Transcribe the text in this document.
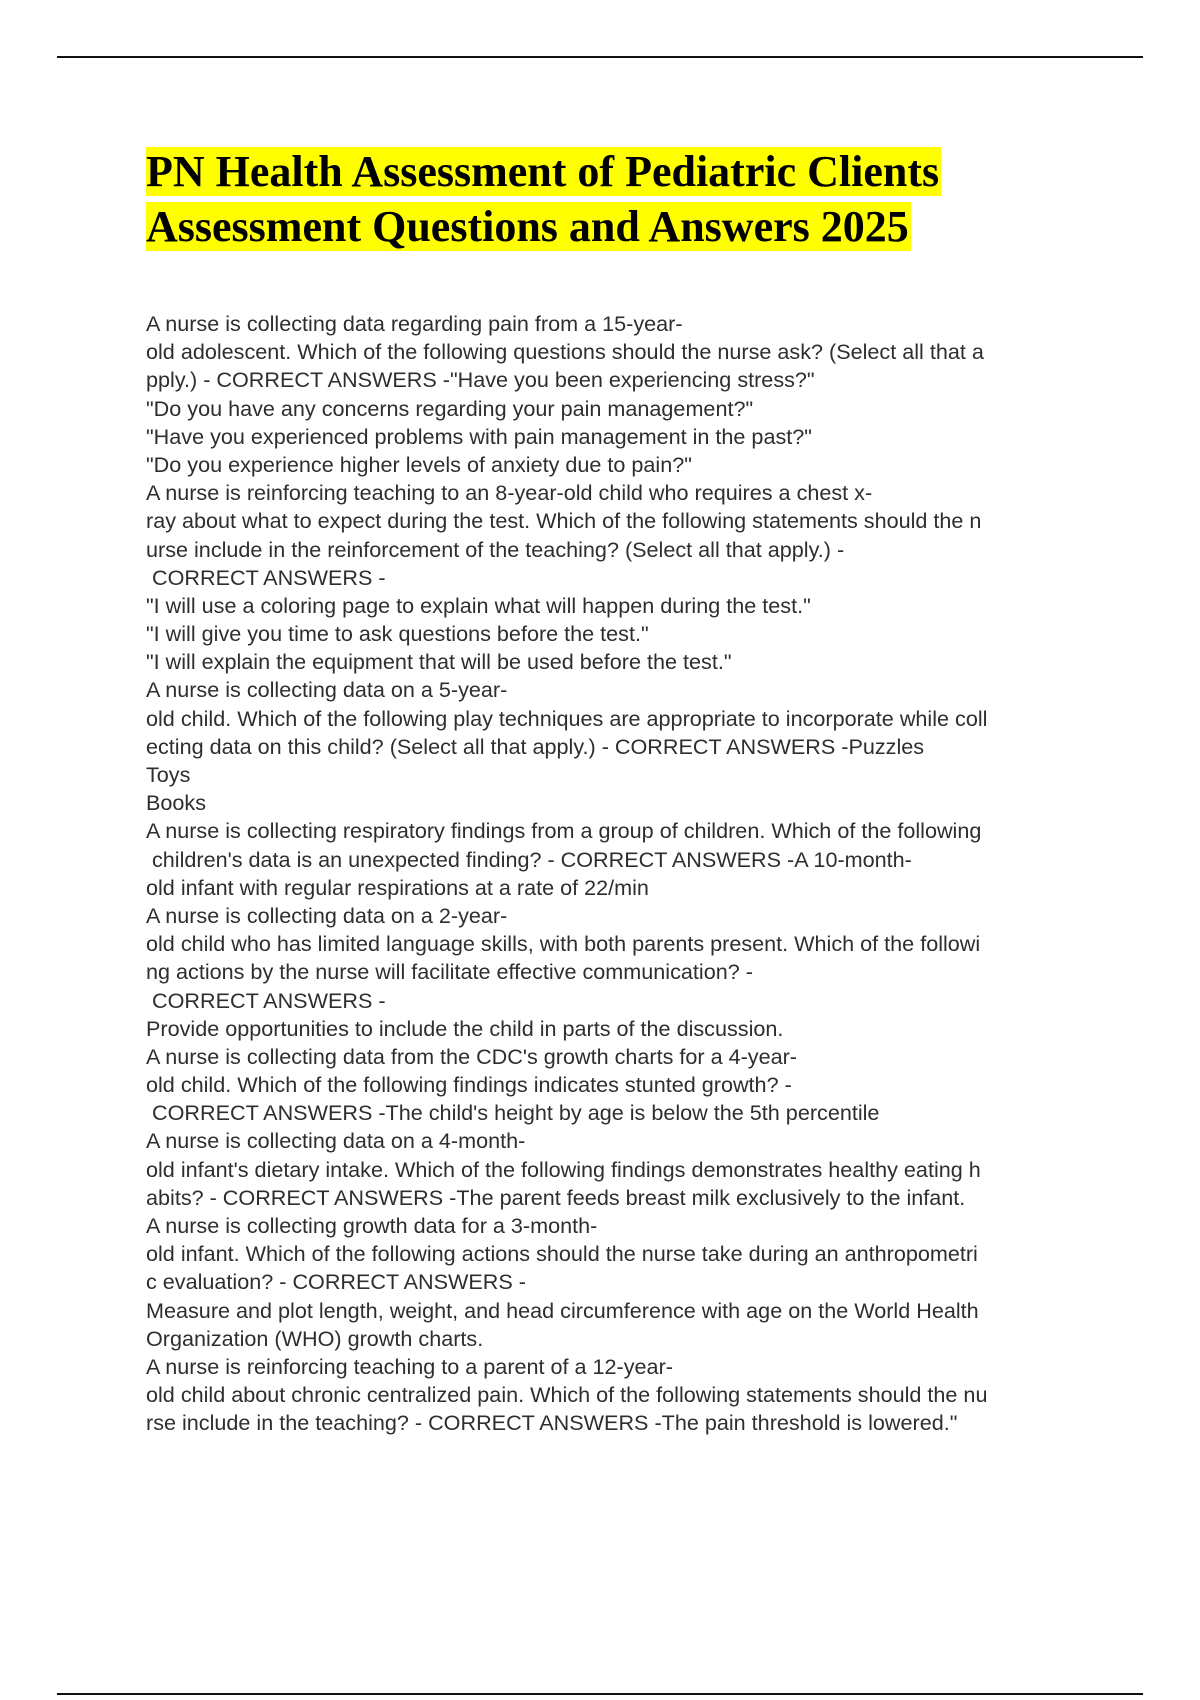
PN Health Assessment of Pediatric Clients
Assessment Questions and Answers 2025
A nurse is collecting data regarding pain from a 15-year-
old adolescent. Which of the following questions should the nurse ask? (Select all that a
pply.) - CORRECT ANSWERS -"Have you been experiencing stress?"
"Do you have any concerns regarding your pain management?"
"Have you experienced problems with pain management in the past?"
"Do you experience higher levels of anxiety due to pain?"
A nurse is reinforcing teaching to an 8-year-old child who requires a chest x-
ray about what to expect during the test. Which of the following statements should the n
urse include in the reinforcement of the teaching? (Select all that apply.) -
CORRECT ANSWERS -
"I will use a coloring page to explain what will happen during the test."
"I will give you time to ask questions before the test."
"I will explain the equipment that will be used before the test."
A nurse is collecting data on a 5-year-
old child. Which of the following play techniques are appropriate to incorporate while coll
ecting data on this child? (Select all that apply.) - CORRECT ANSWERS -Puzzles
Toys
Books
A nurse is collecting respiratory findings from a group of children. Which of the following
children's data is an unexpected finding? - CORRECT ANSWERS -A 10-month-
old infant with regular respirations at a rate of 22/min
A nurse is collecting data on a 2-year-
old child who has limited language skills, with both parents present. Which of the followi
ng actions by the nurse will facilitate effective communication? -
CORRECT ANSWERS -
Provide opportunities to include the child in parts of the discussion.
A nurse is collecting data from the CDC's growth charts for a 4-year-
old child. Which of the following findings indicates stunted growth? -
CORRECT ANSWERS -The child's height by age is below the 5th percentile
A nurse is collecting data on a 4-month-
old infant's dietary intake. Which of the following findings demonstrates healthy eating h
abits? - CORRECT ANSWERS -The parent feeds breast milk exclusively to the infant.
A nurse is collecting growth data for a 3-month-
old infant. Which of the following actions should the nurse take during an anthropometri
c evaluation? - CORRECT ANSWERS -
Measure and plot length, weight, and head circumference with age on the World Health
Organization (WHO) growth charts.
A nurse is reinforcing teaching to a parent of a 12-year-
old child about chronic centralized pain. Which of the following statements should the nu
rse include in the teaching? - CORRECT ANSWERS -The pain threshold is lowered."
